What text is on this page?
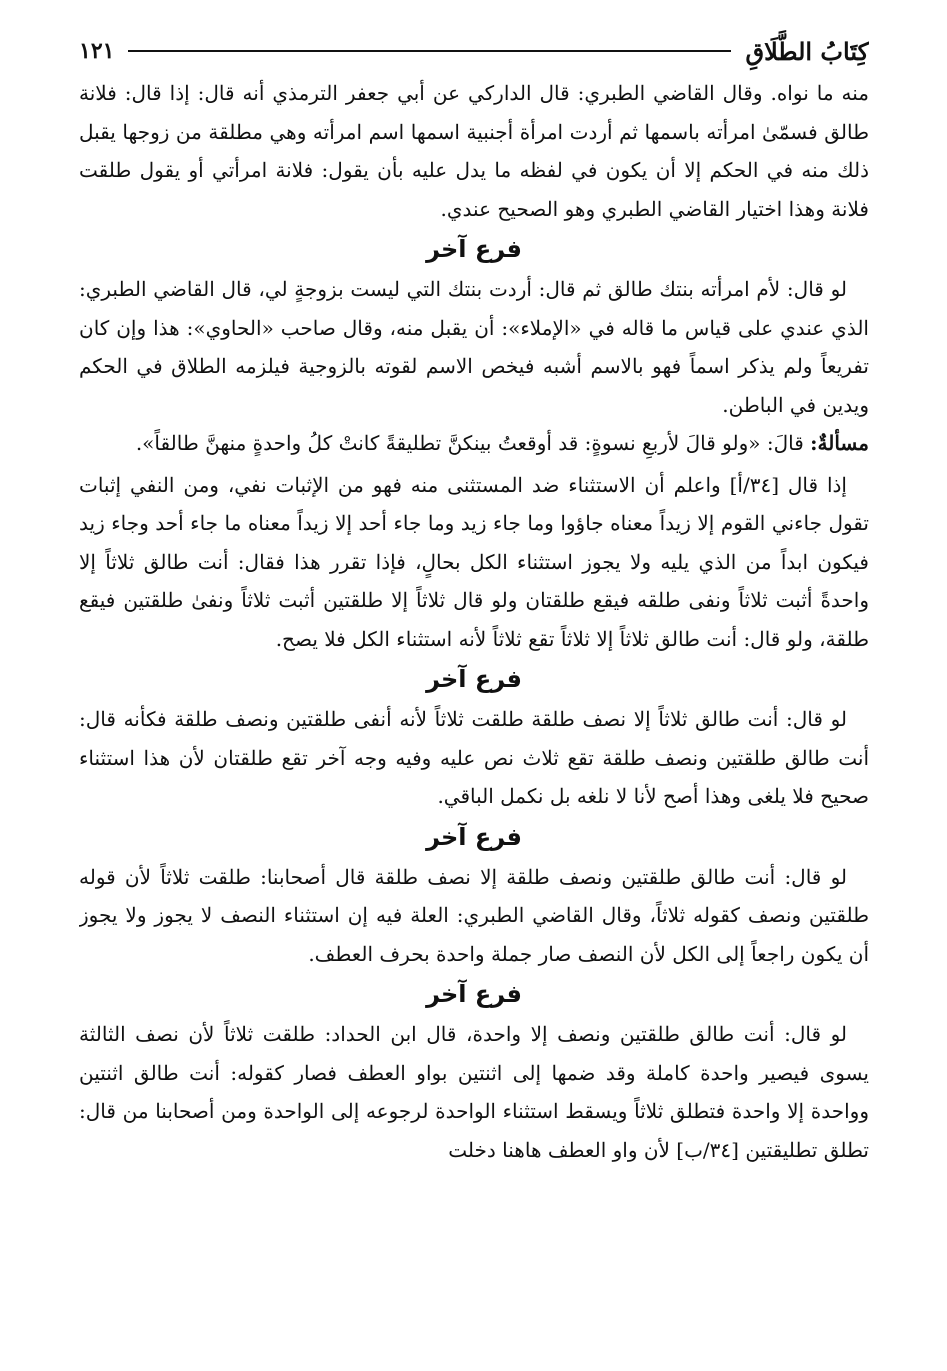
كِتَابُ الطَّلَاقِ
١٢١

منه ما نواه. وقال القاضي الطبري: قال الداركي عن أبي جعفر الترمذي أنه قال: إذا قال: فلانة طالق فسمّىٰ امرأته باسمها ثم أردت امرأة أجنبية اسمها اسم امرأته وهي مطلقة من زوجها يقبل ذلك منه في الحكم إلا أن يكون في لفظه ما يدل عليه بأن يقول: فلانة امرأتي أو يقول طلقت فلانة وهذا اختيار القاضي الطبري وهو الصحيح عندي.

فرع آخر

لو قال: لأم امرأته بنتك طالق ثم قال: أردت بنتك التي ليست بزوجةٍ لي، قال القاضي الطبري: الذي عندي على قياس ما قاله في «الإملاء»: أن يقبل منه، وقال صاحب «الحاوي»: هذا وإن كان تفريعاً ولم يذكر اسماً فهو بالاسم أشبه فيخص الاسم لقوته بالزوجية فيلزمه الطلاق في الحكم ويدين في الباطن.

مسألةٌ: قالَ: «ولو قالَ لأربعِ نسوةٍ: قد أوقعتُ بينكنَّ تطليقةً كانتْ كلُ واحدةٍ منهنَّ طالقاً».

إذا قال [٣٤/أ] واعلم أن الاستثناء ضد المستثنى منه فهو من الإثبات نفي، ومن النفي إثبات تقول جاءني القوم إلا زيداً معناه جاؤوا وما جاء زيد وما جاء أحد إلا زيداً معناه ما جاء أحد وجاء زيد فيكون ابداً من الذي يليه ولا يجوز استثناء الكل بحالٍ، فإذا تقرر هذا فقال: أنت طالق ثلاثاً إلا واحدةً أثبت ثلاثاً ونفى طلقه فيقع طلقتان ولو قال ثلاثاً إلا طلقتين أثبت ثلاثاً ونفىٰ طلقتين فيقع طلقة، ولو قال: أنت طالق ثلاثاً إلا ثلاثاً تقع ثلاثاً لأنه استثناء الكل فلا يصح.

فرع آخر

لو قال: أنت طالق ثلاثاً إلا نصف طلقة طلقت ثلاثاً لأنه أنفى طلقتين ونصف طلقة فكأنه قال: أنت طالق طلقتين ونصف طلقة تقع ثلاث نص عليه وفيه وجه آخر تقع طلقتان لأن هذا استثناء صحيح فلا يلغى وهذا أصح لأنا لا نلغه بل نكمل الباقي.

فرع آخر

لو قال: أنت طالق طلقتين ونصف طلقة إلا نصف طلقة قال أصحابنا: طلقت ثلاثاً لأن قوله طلقتين ونصف كقوله ثلاثاً، وقال القاضي الطبري: العلة فيه إن استثناء النصف لا يجوز ولا يجوز أن يكون راجعاً إلى الكل لأن النصف صار جملة واحدة بحرف العطف.

فرع آخر

لو قال: أنت طالق طلقتين ونصف إلا واحدة، قال ابن الحداد: طلقت ثلاثاً لأن نصف الثالثة يسوى فيصير واحدة كاملة وقد ضمها إلى اثنتين بواو العطف فصار كقوله: أنت طالق اثنتين وواحدة إلا واحدة فتطلق ثلاثاً ويسقط استثناء الواحدة لرجوعه إلى الواحدة ومن أصحابنا من قال: تطلق تطليقتين [٣٤/ب] لأن واو العطف هاهنا دخلت
